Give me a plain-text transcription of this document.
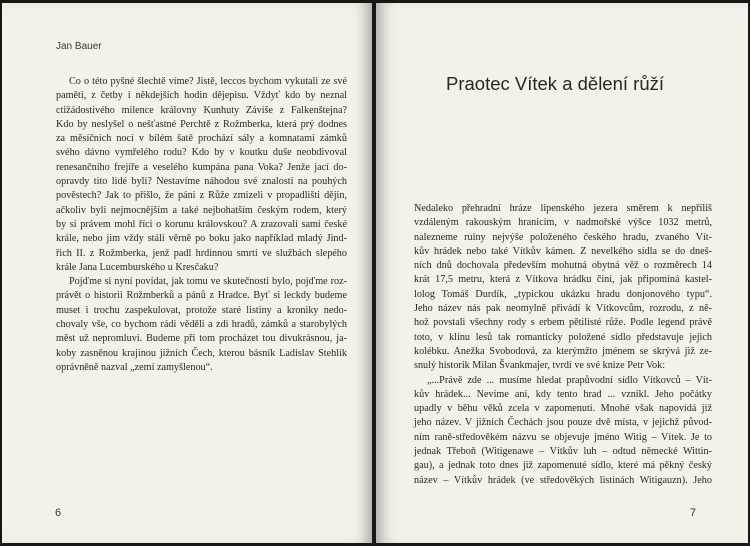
Jan Bauer
Co o této pyšné šlechtě víme? Jistě, leccos bychom vykutali ze své
paměti, z četby i někdejších hodin dějepisu. Vždyť kdo by neznal
ctižádostivého milence královny Kunhuty Záviše z Falkenštejna?
Kdo by neslyšel o nešťastné Perchtě z Rožmberka, která prý dodnes
za měsíčních nocí v bílém šatě prochází sály a komnatami zámků
svého dávno vymřelého rodu? Kdo by v koutku duše neobdivoval
renesančního frejíře a veselého kumpána pana Voka? Jenže jací do-
opravdy tito lidé byli? Nestavíme náhodou své znalosti na pouhých
pověstech? Jak to přišlo, že páni z Růže zmizeli v propadlišti dějin,
ačkoliv byli nejmocnějším a také nejbohatším českým rodem, který
by si právem mohl říci o korunu královskou? A zrazovali sami české
krále, nebo jim vždy stáli věrně po boku jako například mladý Jind-
řich II. z Rožmberka, jenž padl hrdinnou smrtí ve službách slepého
krále Jana Lucemburského u Kresčaku?
Pojďme si nyní povídat, jak tomu ve skutečnosti bylo, pojďme roz-
právět o historii Rožmberků a pánů z Hradce. Byť si leckdy budeme
muset i trochu zaspekulovat, protože staré listiny a kroniky nedo-
chovaly vše, co bychom rádi věděli a zdi hradů, zámků a starobylých
měst už nepromluví. Budeme při tom procházet tou divukrásnou, ja-
koby zasněnou krajinou jižních Čech, kterou básník Ladislav Stehlík
oprávněně nazval „zemí zamyšlenou“.
6
Praotec Vítek a dělení růží
Nedaleko přehradní hráze lipenského jezera směrem k nepříliš
vzdáleným rakouským hranicím, v nadmořské výšce 1032 metrů,
nalezneme ruiny nejvýše položeného českého hradu, zvaného Vít-
kův hrádek nebo také Vítkův kámen. Z nevelkého sídla se do dneš-
ních dnů dochovala především mohutná obytná věž o rozměrech 14
krát 17,5 metru, která z Vítkova hrádku činí, jak připomíná kastel-
lolog Tomáš Durdík, „typickou ukázku hradu donjonového typu“.
Jeho název nás pak neomylně přivádí k Vítkovcům, rozrodu, z ně-
hož povstali všechny rody s erbem pětilisté růže. Podle legend právě
toto, v klínu lesů tak romanticky položené sídlo představuje jejich
kolébku. Anežka Svobodová, za kterýmžto jménem se skrývá již ze-
snulý historik Milan Švankmajer, tvrdí ve své knize Petr Vok:
„...Právě zde ... musíme hledat prapůvodní sídlo Vítkovců – Vít-
kův hrádek... Nevíme ani, kdy tento hrad ... vznikl. Jeho počátky
upadly v běhu věků zcela v zapomenutí. Mnohé však napovídá již
jeho název. V jižních Čechách jsou pouze dvě místa, v jejichž původ-
ním raně-středověkém názvu se objevuje jméno Witig – Vítek. Je to
jednak Třeboň (Witigenawe – Vítkův luh – odtud německé Wittin-
gau), a jednak toto dnes již zapomenuté sídlo, které má pěkný český
název – Vítkův hrádek (ve středověkých listinách Witigauzn). Jeho
7
